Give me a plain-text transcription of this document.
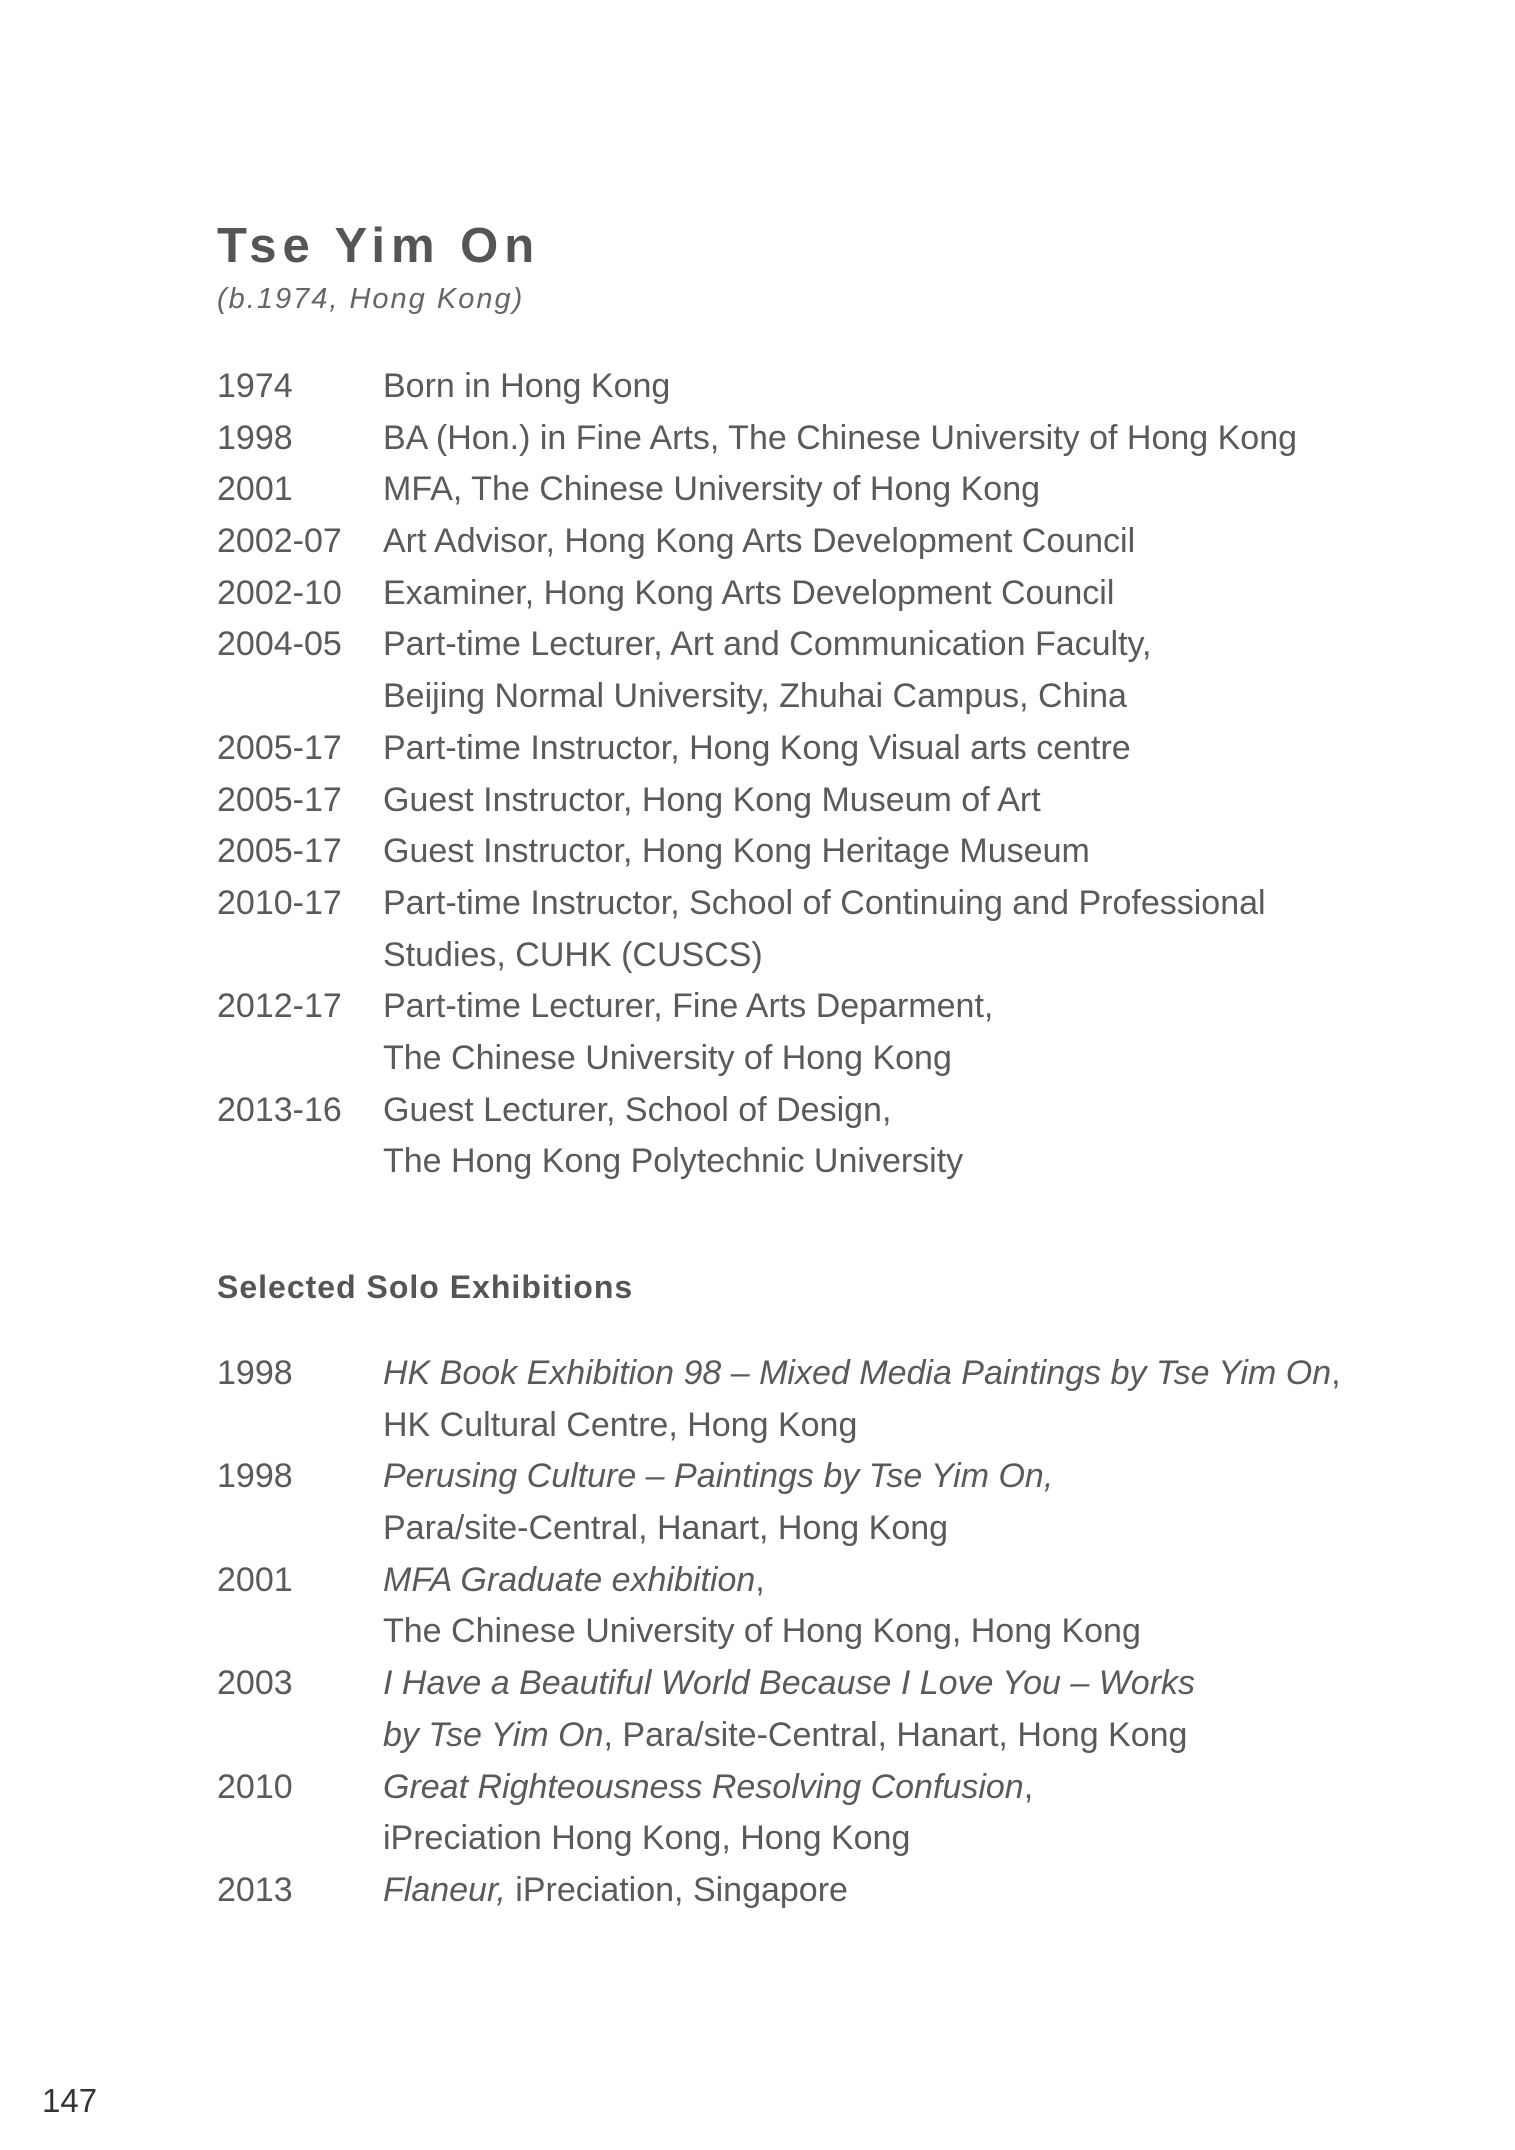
Tse Yim On
(b.1974, Hong Kong)
1974	Born in Hong Kong
1998	BA (Hon.) in Fine Arts, The Chinese University of Hong Kong
2001	MFA, The Chinese University of Hong Kong
2002-07 Art Advisor, Hong Kong Arts Development Council
2002-10 Examiner, Hong Kong Arts Development Council
2004-05 Part-time Lecturer, Art and Communication Faculty,
Beijing Normal University, Zhuhai Campus, China
2005-17 Part-time Instructor, Hong Kong Visual arts centre
2005-17 Guest Instructor, Hong Kong Museum of Art
2005-17 Guest Instructor, Hong Kong Heritage Museum
2010-17 Part-time Instructor, School of Continuing and Professional
Studies, CUHK (CUSCS)
2012-17 Part-time Lecturer, Fine Arts Deparment,
The Chinese University of Hong Kong
2013-16 Guest Lecturer, School of Design,
The Hong Kong Polytechnic University
Selected Solo Exhibitions
1998	HK Book Exhibition 98 – Mixed Media Paintings by Tse Yim On,
HK Cultural Centre, Hong Kong
1998	Perusing Culture – Paintings by Tse Yim On,
Para/site-Central, Hanart, Hong Kong
2001	MFA Graduate exhibition,
The Chinese University of Hong Kong, Hong Kong
2003	I Have a Beautiful World Because I Love You – Works
by Tse Yim On, Para/site-Central, Hanart, Hong Kong
2010	Great Righteousness Resolving Confusion,
iPreciation Hong Kong, Hong Kong
2013	Flaneur, iPreciation, Singapore
147
